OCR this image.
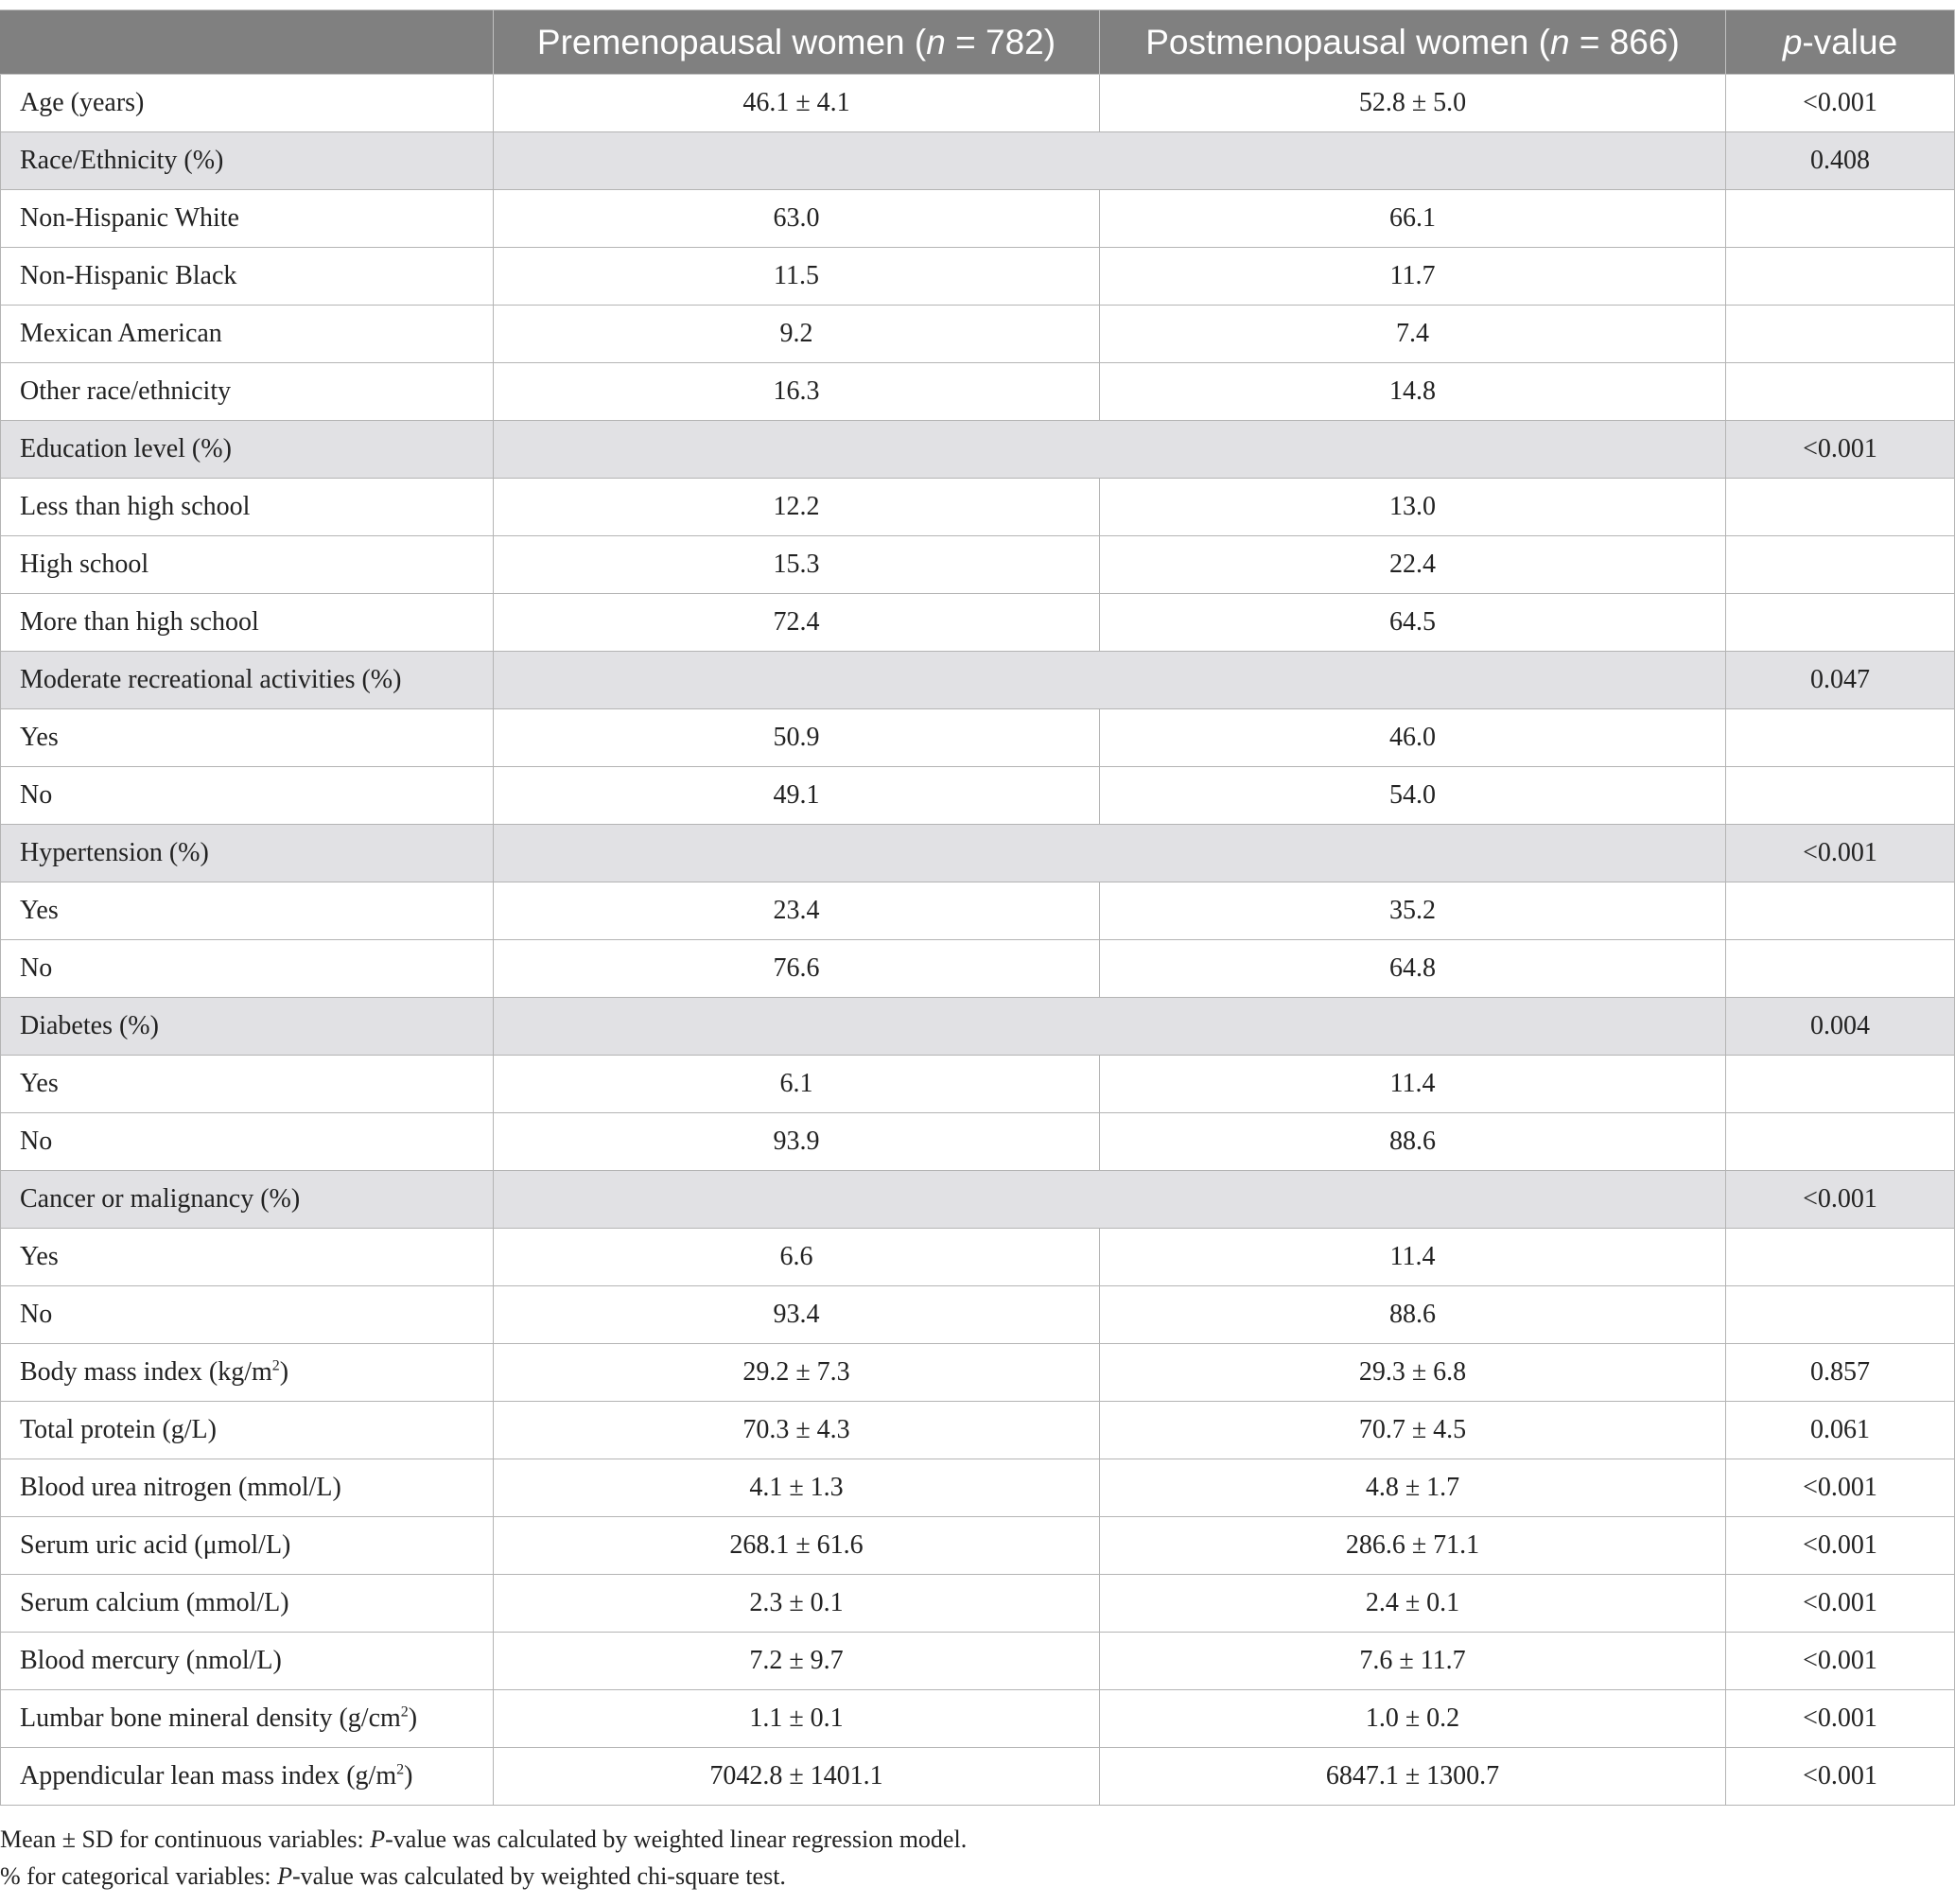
	Premenopausal women (n = 782)	Postmenopausal women (n = 866)	p-value
Age (years)	46.1 ± 4.1	52.8 ± 5.0	<0.001
Race/Ethnicity (%)			0.408
Non-Hispanic White	63.0	66.1	
Non-Hispanic Black	11.5	11.7	
Mexican American	9.2	7.4	
Other race/ethnicity	16.3	14.8	
Education level (%)			<0.001
Less than high school	12.2	13.0	
High school	15.3	22.4	
More than high school	72.4	64.5	
Moderate recreational activities (%)			0.047
Yes	50.9	46.0	
No	49.1	54.0	
Hypertension (%)			<0.001
Yes	23.4	35.2	
No	76.6	64.8	
Diabetes (%)			0.004
Yes	6.1	11.4	
No	93.9	88.6	
Cancer or malignancy (%)			<0.001
Yes	6.6	11.4	
No	93.4	88.6	
Body mass index $(kg/m^2)$	29.2 ± 7.3	29.3 ± 6.8	0.857
Total protein (g/L)	70.3 ± 4.3	70.7 ± 4.5	0.061
Blood urea nitrogen (mmol/L)	4.1 ± 1.3	4.8 ± 1.7	<0.001
Serum uric acid (μmol/L)	268.1 ± 61.6	286.6 ± 71.1	<0.001
Serum calcium (mmol/L)	2.3 ± 0.1	2.4 ± 0.1	<0.001
Blood mercury (nmol/L)	7.2 ± 9.7	7.6 ± 11.7	<0.001
Lumbar bone mineral density $(g/cm^2)$	1.1 ± 0.1	1.0 ± 0.2	<0.001
Appendicular lean mass index $(g/m^2)$	7042.8 ± 1401.1	6847.1 ± 1300.7	<0.001
Mean ± SD for continuous variables: P-value was calculated by weighted linear regression model.
% for categorical variables: P-value was calculated by weighted chi-square test.
